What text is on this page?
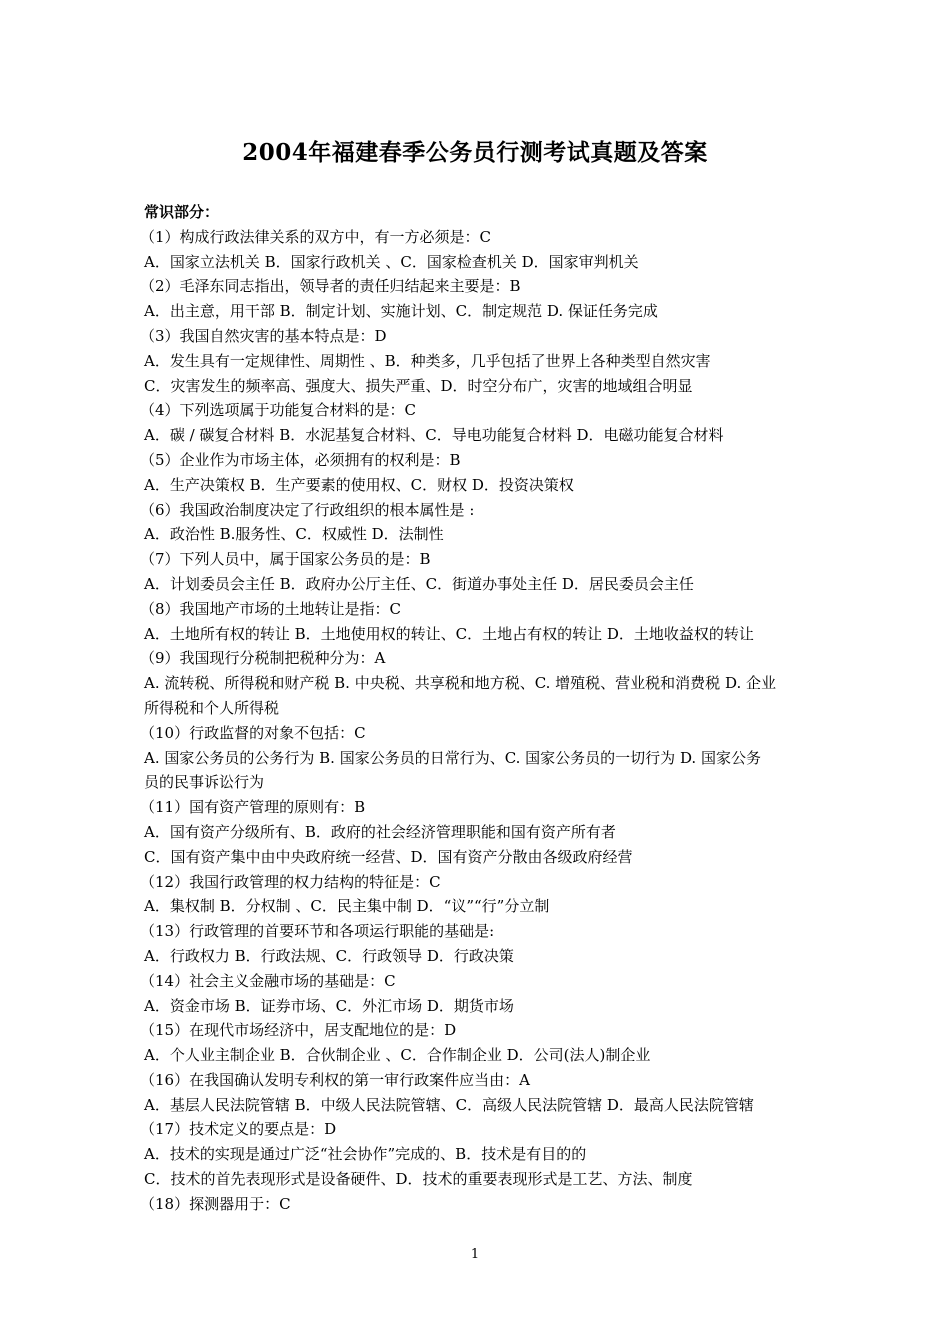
2004年福建春季公务员行测考试真题及答案
常识部分：
（1）构成行政法律关系的双方中，有一方必须是：C
A．国家立法机关 B．国家行政机关 、C．国家检查机关 D．国家审判机关
（2）毛泽东同志指出，领导者的责任归结起来主要是：B
A．出主意，用干部 B．制定计划、实施计划、C．制定规范 D. 保证任务完成
（3）我国自然灾害的基本特点是：D
A．发生具有一定规律性、周期性 、B．种类多，几乎包括了世界上各种类型自然灾害
C．灾害发生的频率高、强度大、损失严重、D．时空分布广，灾害的地域组合明显
（4）下列选项属于功能复合材料的是：C
A．碳 / 碳复合材料 B．水泥基复合材料、C．导电功能复合材料 D．电磁功能复合材料
（5）企业作为市场主体，必须拥有的权利是：B
A．生产决策权 B．生产要素的使用权、C．财权 D．投资决策权
（6）我国政治制度决定了行政组织的根本属性是 :
A．政治性 B.服务性、C．权威性 D．法制性
（7）下列人员中，属于国家公务员的是：B
A．计划委员会主任 B．政府办公厅主任、C．街道办事处主任 D．居民委员会主任
（8）我国地产市场的土地转让是指：C
A．土地所有权的转让 B．土地使用权的转让、C．土地占有权的转让 D．土地收益权的转让
（9）我国现行分税制把税种分为：A
A. 流转税、所得税和财产税 B. 中央税、共享税和地方税、C. 增殖税、营业税和消费税 D. 企业
所得税和个人所得税
（10）行政监督的对象不包括：C
A. 国家公务员的公务行为 B. 国家公务员的日常行为、C. 国家公务员的一切行为 D. 国家公务
员的民事诉讼行为
（11）国有资产管理的原则有：B
A．国有资产分级所有、B．政府的社会经济管理职能和国有资产所有者
C．国有资产集中由中央政府统一经营、D．国有资产分散由各级政府经营
（12）我国行政管理的权力结构的特征是：C
A．集权制 B．分权制 、C．民主集中制 D．“议”“行”分立制
（13）行政管理的首要环节和各项运行职能的基础是:
A．行政权力 B．行政法规、C．行政领导 D．行政决策
（14）社会主义金融市场的基础是：C
A．资金市场 B．证券市场、C．外汇市场 D．期货市场
（15）在现代市场经济中，居支配地位的是：D
A．个人业主制企业 B．合伙制企业 、C．合作制企业 D．公司(法人)制企业
（16）在我国确认发明专利权的第一审行政案件应当由：A
A．基层人民法院管辖 B．中级人民法院管辖、C．高级人民法院管辖 D．最高人民法院管辖
（17）技术定义的要点是：D
A．技术的实现是通过广泛“社会协作”完成的、B．技术是有目的的
C．技术的首先表现形式是设备硬件、D．技术的重要表现形式是工艺、方法、制度
（18）探测器用于：C
1
